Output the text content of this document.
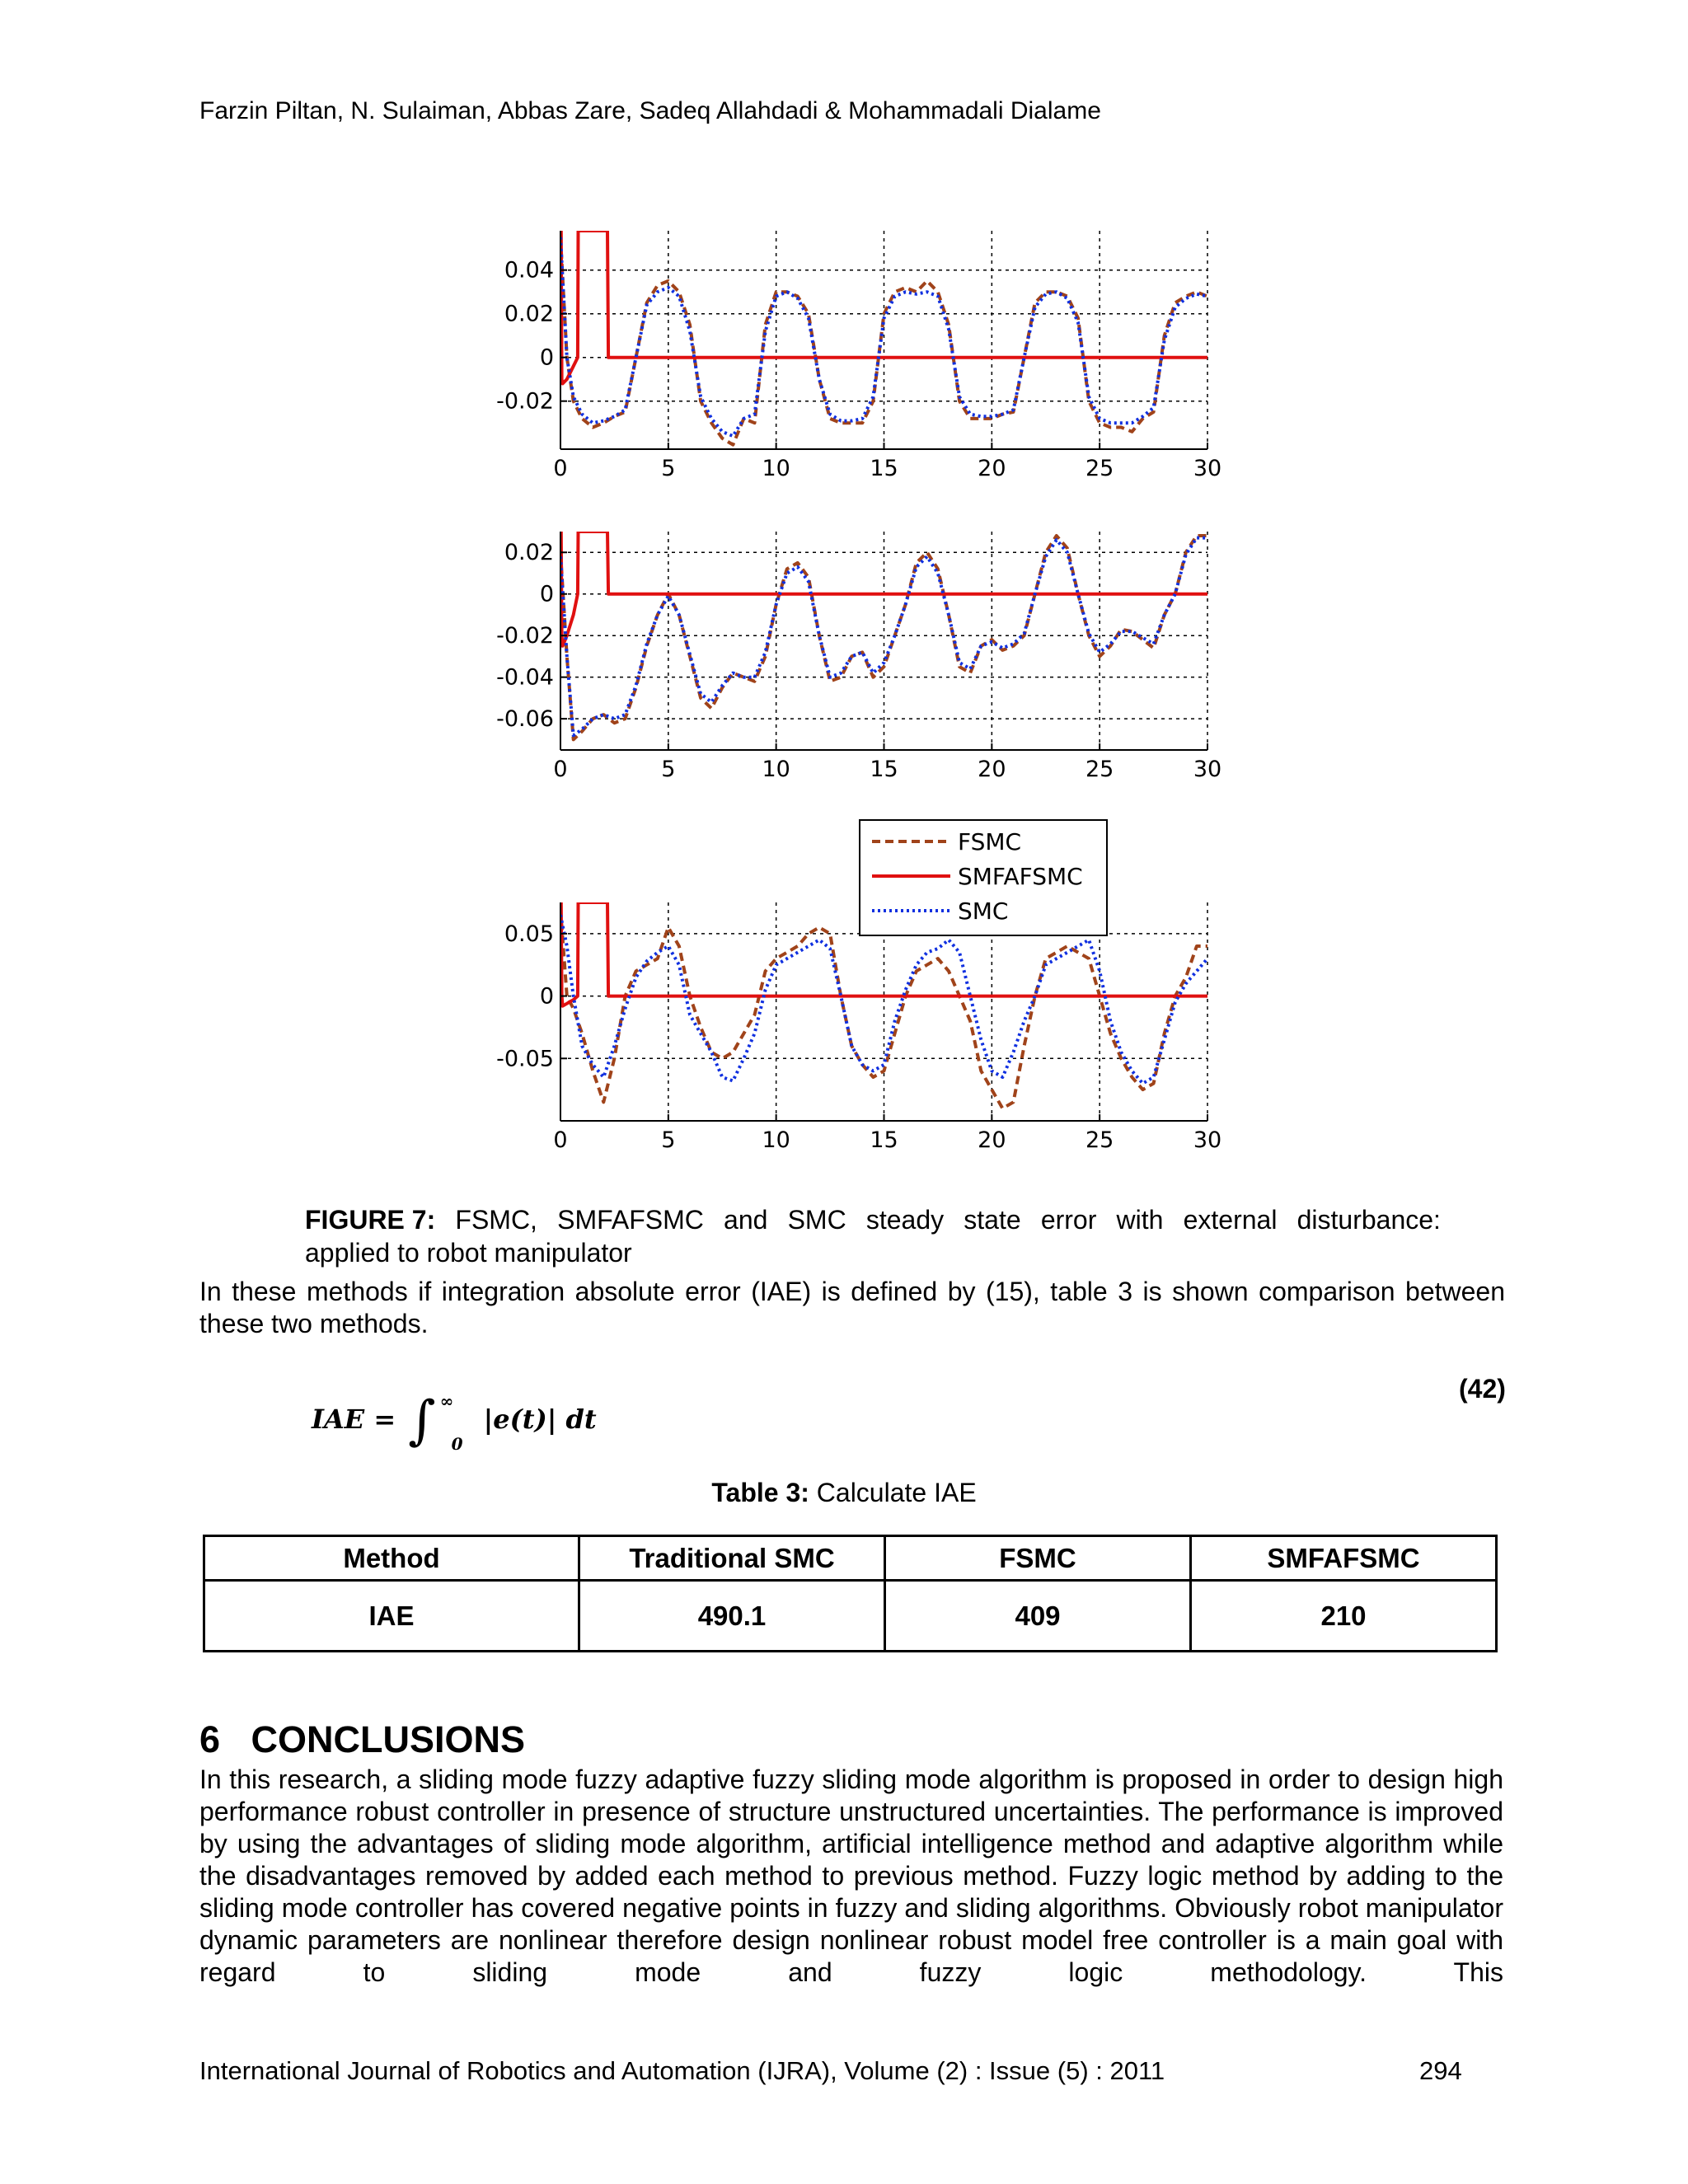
Farzin Piltan, N. Sulaiman, Abbas Zare, Sadeq Allahdadi & Mohammadali Dialame
0	5	10	15	20	25	30
0.04
0.02
0
-0.02
0	5	10	15	20	25	30
0.02
0
-0.02
-0.04
-0.06
0	5	10	15	20	25	30
0.05
0
-0.05
FSMC
SMFAFSMC
SMC
FIGURE 7: FSMC, SMFAFSMC and SMC steady state error with external disturbance:
applied to robot manipulator
In these methods if integration absolute error (IAE) is defined by (15), table 3 is shown comparison between these two methods.
IAE = ∫ ∞ $_0$ |e(t)| dt
(42)
Table 3: Calculate IAE
Method	Traditional SMC	FSMC	SMFAFSMC
IAE	490.1	409	210
6   CONCLUSIONS
In this research, a sliding mode fuzzy adaptive fuzzy sliding mode algorithm is proposed in order to design high performance robust controller in presence of structure unstructured uncertainties. The performance is improved by using the advantages of sliding mode algorithm, artificial intelligence method and adaptive algorithm while the disadvantages removed by added each method to previous method. Fuzzy logic method by adding to the sliding mode controller has covered negative points in fuzzy and sliding algorithms. Obviously robot manipulator dynamic parameters are nonlinear therefore design nonlinear robust model free controller is a main goal with regard to sliding mode and fuzzy logic methodology. This
International Journal of Robotics and Automation (IJRA), Volume (2) : Issue (5) : 2011	294
